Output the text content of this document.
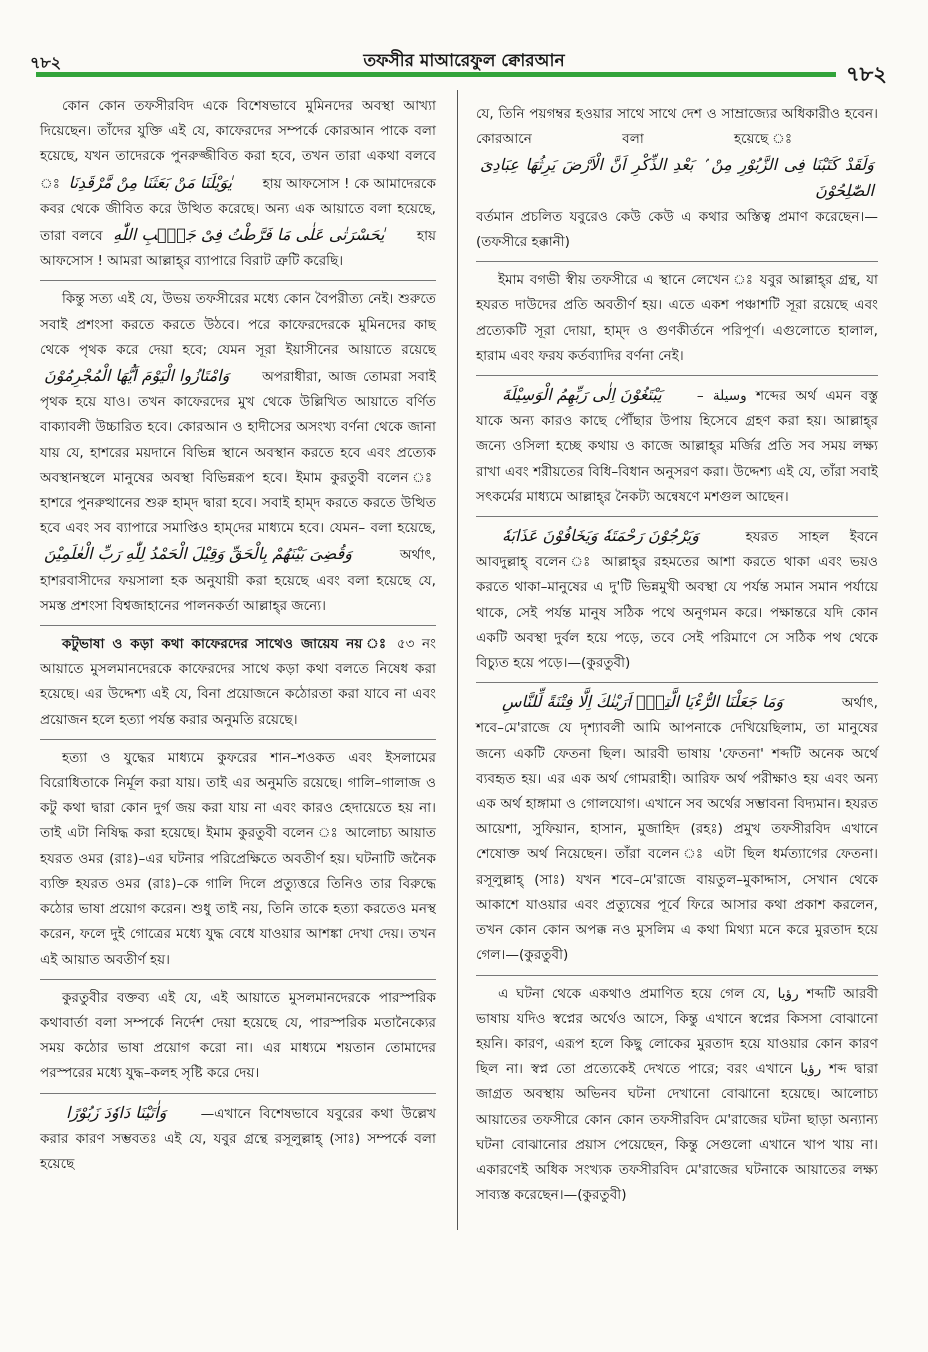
৭৮২	তফসীর মাআরেফুল ক্বোরআন
৭৮২

কোন কোন তফসীরবিদ একে বিশেষভাবে মুমিনদের অবস্থা আখ্যা দিয়েছেন। তাঁদের যুক্তি এই যে, কাফেরদের সম্পর্কে কোরআন পাকে বলা হয়েছে, যখন তাদেরকে পুনরুজ্জীবিত করা হবে, তখন তারা একথা বলবে ঃ يٰوَيْلَنَا مَنْ بَعَثَنَا مِنْ مَّرْقَدِنَا হায় আফসোস ! কে আমাদেরকে কবর থেকে জীবিত করে উত্থিত করেছে। অন্য এক আয়াতে বলা হয়েছে, তারা বলবে يٰحَسْرَتٰى عَلٰى مَا فَرَّطْتُ فِىْ جَنْۢبِ اللّٰهِ হায় আফসোস ! আমরা আল্লাহ্‌র ব্যাপারে বিরাট ত্রুটি করেছি।

কিন্তু সত্য এই যে, উভয় তফসীরের মধ্যে কোন বৈপরীত্য নেই। শুরুতে সবাই প্রশংসা করতে করতে উঠবে। পরে কাফেরদেরকে মুমিনদের কাছ থেকে পৃথক করে দেয়া হবে; যেমন সূরা ইয়াসীনের আয়াতে রয়েছে وَامْتَازُوا الْيَوْمَ اَيُّهَا الْمُجْرِمُوْنَ অপরাধীরা, আজ তোমরা সবাই পৃথক হয়ে যাও। তখন কাফেরদের মুখ থেকে উল্লিখিত আয়াতে বর্ণিত বাক্যাবলী উচ্চারিত হবে। কোরআন ও হাদীসের অসংখ্য বর্ণনা থেকে জানা যায় যে, হাশরের ময়দানে বিভিন্ন স্থানে অবস্থান করতে হবে এবং প্রত্যেক অবস্থানস্থলে মানুষের অবস্থা বিভিন্নরূপ হবে। ইমাম কুরতুবী বলেন ঃ হাশরে পুনরুত্থানের শুরু হাম্‌দ দ্বারা হবে। সবাই হাম্‌দ করতে করতে উত্থিত হবে এবং সব ব্যাপারে সমাপ্তিও হাম্‌দের মাধ্যমে হবে। যেমন– বলা হয়েছে, وَقُضِىَ بَيْنَهُمْ بِالْحَقِّ وَقِيْلَ الْحَمْدُ لِلّٰهِ رَبِّ الْعٰلَمِيْنَ	অর্থাৎ, হাশরবাসীদের ফয়সালা হক অনুযায়ী করা হয়েছে এবং বলা হয়েছে যে, সমস্ত প্রশংসা বিশ্বজাহানের পালনকর্তা আল্লাহ্‌র জন্যে।

কটুভাষা ও কড়া কথা কাফেরদের সাথেও জায়েয নয় ঃ ৫৩ নং আয়াতে মুসলমানদেরকে কাফেরদের সাথে কড়া কথা বলতে নিষেধ করা হয়েছে। এর উদ্দেশ্য এই যে, বিনা প্রয়োজনে কঠোরতা করা যাবে না এবং প্রয়োজন হলে হত্যা পর্যন্ত করার অনুমতি রয়েছে।

হত্যা ও যুদ্ধের মাধ্যমে কুফরের শান–শওকত এবং ইসলামের বিরোধিতাকে নির্মূল করা যায়। তাই এর অনুমতি রয়েছে। গালি–গালাজ ও কটু কথা দ্বারা কোন দুর্গ জয় করা যায় না এবং কারও হেদায়েতে হয় না। তাই এটা নিষিদ্ধ করা হয়েছে। ইমাম কুরতুবী বলেন ঃ আলোচ্য আয়াত হযরত ওমর (রাঃ)–এর ঘটনার পরিপ্রেক্ষিতে অবতীর্ণ হয়। ঘটনাটি জনৈক ব্যক্তি হযরত ওমর (রাঃ)–কে গালি দিলে প্রত্যুত্তরে তিনিও তার বিরুদ্ধে কঠোর ভাষা প্রয়োগ করেন। শুধু তাই নয়, তিনি তাকে হত্যা করতেও মনস্থ করেন, ফলে দুই গোত্রের মধ্যে যুদ্ধ বেধে যাওয়ার আশঙ্কা দেখা দেয়। তখন এই আয়াত অবতীর্ণ হয়।

কুরতুবীর বক্তব্য এই যে, এই আয়াতে মুসলমানদেরকে পারস্পরিক কথাবার্তা বলা সম্পর্কে নির্দেশ দেয়া হয়েছে যে, পারস্পরিক মতানৈক্যের সময় কঠোর ভাষা প্রয়োগ করো না। এর মাধ্যমে শয়তান তোমাদের পরস্পরের মধ্যে যুদ্ধ–কলহ সৃষ্টি করে দেয়।

وَاٰتَيْنَا دَاوٗدَ زَبُوْرًا	—এখানে বিশেষভাবে যবুরের কথা উল্লেখ করার কারণ সম্ভবতঃ এই যে, যবুর গ্রন্থে রসূলুল্লাহ্ (সাঃ) সম্পর্কে বলা হয়েছে

যে, তিনি পয়গম্বর হওয়ার সাথে সাথে দেশ ও সাম্রাজ্যের অধিকারীও হবেন। কোরআনে বলা হয়েছে ঃ وَلَقَدْ كَتَبْنَا فِى الزَّبُوْرِ مِنْ ۢ بَعْدِ الذِّكْرِ اَنَّ الْاَرْضَ يَرِثُهَا عِبَادِىَ الصّٰلِحُوْنَ বর্তমান প্রচলিত যবুরেও কেউ কেউ এ কথার অস্তিত্ব প্রমাণ করেছেন।—(তফসীরে হক্কানী)

ইমাম বগভী স্বীয় তফসীরে এ স্থানে লেখেন ঃ যবুর আল্লাহ্‌র গ্রন্থ, যা হযরত দাউদের প্রতি অবতীর্ণ হয়। এতে একশ পঞ্চাশটি সূরা রয়েছে এবং প্রত্যেকটি সূরা দোয়া, হাম্‌দ ও গুণকীর্তনে পরিপূর্ণ। এগুলোতে হালাল, হারাম এবং ফরয কর্তব্যাদির বর্ণনা নেই।

يَبْتَغُوْنَ اِلٰى رَبِّهِمُ الْوَسِيْلَةَ	– وسيلة শব্দের অর্থ এমন বস্তু যাকে অন্য কারও কাছে পৌঁছার উপায় হিসেবে গ্রহণ করা হয়। আল্লাহ্‌র জন্যে ওসিলা হচ্ছে কথায় ও কাজে আল্লাহ্‌র মর্জির প্রতি সব সময় লক্ষ্য রাখা এবং শরীয়তের বিধি–বিধান অনুসরণ করা। উদ্দেশ্য এই যে, তাঁরা সবাই সৎকর্মের মাধ্যমে আল্লাহ্‌র নৈকট্য অন্বেষণে মশগুল আছেন।

وَيَرْجُوْنَ رَحْمَتَهٗ وَيَخَافُوْنَ عَذَابَهٗ	হযরত সাহল ইবনে আবদুল্লাহ্ বলেন ঃ আল্লাহ্‌র রহমতের আশা করতে থাকা এবং ভয়ও করতে থাকা–মানুষের এ দু'টি ভিন্নমুখী অবস্থা যে পর্যন্ত সমান সমান পর্যায়ে থাকে, সেই পর্যন্ত মানুষ সঠিক পথে অনুগমন করে। পক্ষান্তরে যদি কোন একটি অবস্থা দুর্বল হয়ে পড়ে, তবে সেই পরিমাণে সে সঠিক পথ থেকে বিচ্যুত হয়ে পড়ে।—(কুরতুবী)

وَمَا جَعَلْنَا الرُّءْيَا الَّتِىْۤ اَرَيْنٰكَ اِلَّا فِتْنَةً لِّلنَّاسِ	অর্থাৎ, শবে–মে'রাজে যে দৃশ্যাবলী আমি আপনাকে দেখিয়েছিলাম, তা মানুষের জন্যে একটি ফেতনা ছিল। আরবী ভাষায় 'ফেতনা' শব্দটি অনেক অর্থে ব্যবহৃত হয়। এর এক অর্থ গোমরাহী। আরিফ অর্থ পরীক্ষাও হয় এবং অন্য এক অর্থ হাঙ্গামা ও গোলযোগ। এখানে সব অর্থের সম্ভাবনা বিদ্যমান। হযরত আয়েশা, সুফিয়ান, হাসান, মুজাহিদ (রহঃ) প্রমুখ তফসীরবিদ এখানে শেষোক্ত অর্থ নিয়েছেন। তাঁরা বলেন ঃ এটা ছিল ধর্মত্যাগের ফেতনা। রসূলুল্লাহ্ (সাঃ) যখন শবে–মে'রাজে বায়তুল–মুকাদ্দাস, সেখান থেকে আকাশে যাওয়ার এবং প্রত্যুষের পূর্বে ফিরে আসার কথা প্রকাশ করলেন, তখন কোন কোন অপক্ক নও মুসলিম এ কথা মিথ্যা মনে করে মুরতাদ হয়ে গেল।—(কুরতুবী)

এ ঘটনা থেকে একথাও প্রমাণিত হয়ে গেল যে, رؤيا শব্দটি আরবী ভাষায় যদিও স্বপ্নের অর্থেও আসে, কিন্তু এখানে স্বপ্নের কিসসা বোঝানো হয়নি। কারণ, এরূপ হলে কিছু লোকের মুরতাদ হয়ে যাওয়ার কোন কারণ ছিল না। স্বপ্ন তো প্রত্যেকেই দেখতে পারে; বরং এখানে رؤيا শব্দ দ্বারা জাগ্রত অবস্থায় অভিনব ঘটনা দেখানো বোঝানো হয়েছে। আলোচ্য আয়াতের তফসীরে কোন কোন তফসীরবিদ মে'রাজের ঘটনা ছাড়া অন্যান্য ঘটনা বোঝানোর প্রয়াস পেয়েছেন, কিন্তু সেগুলো এখানে খাপ খায় না। একারণেই অধিক সংখ্যক তফসীরবিদ মে'রাজের ঘটনাকে আয়াতের লক্ষ্য সাব্যস্ত করেছেন।—(কুরতুবী)
